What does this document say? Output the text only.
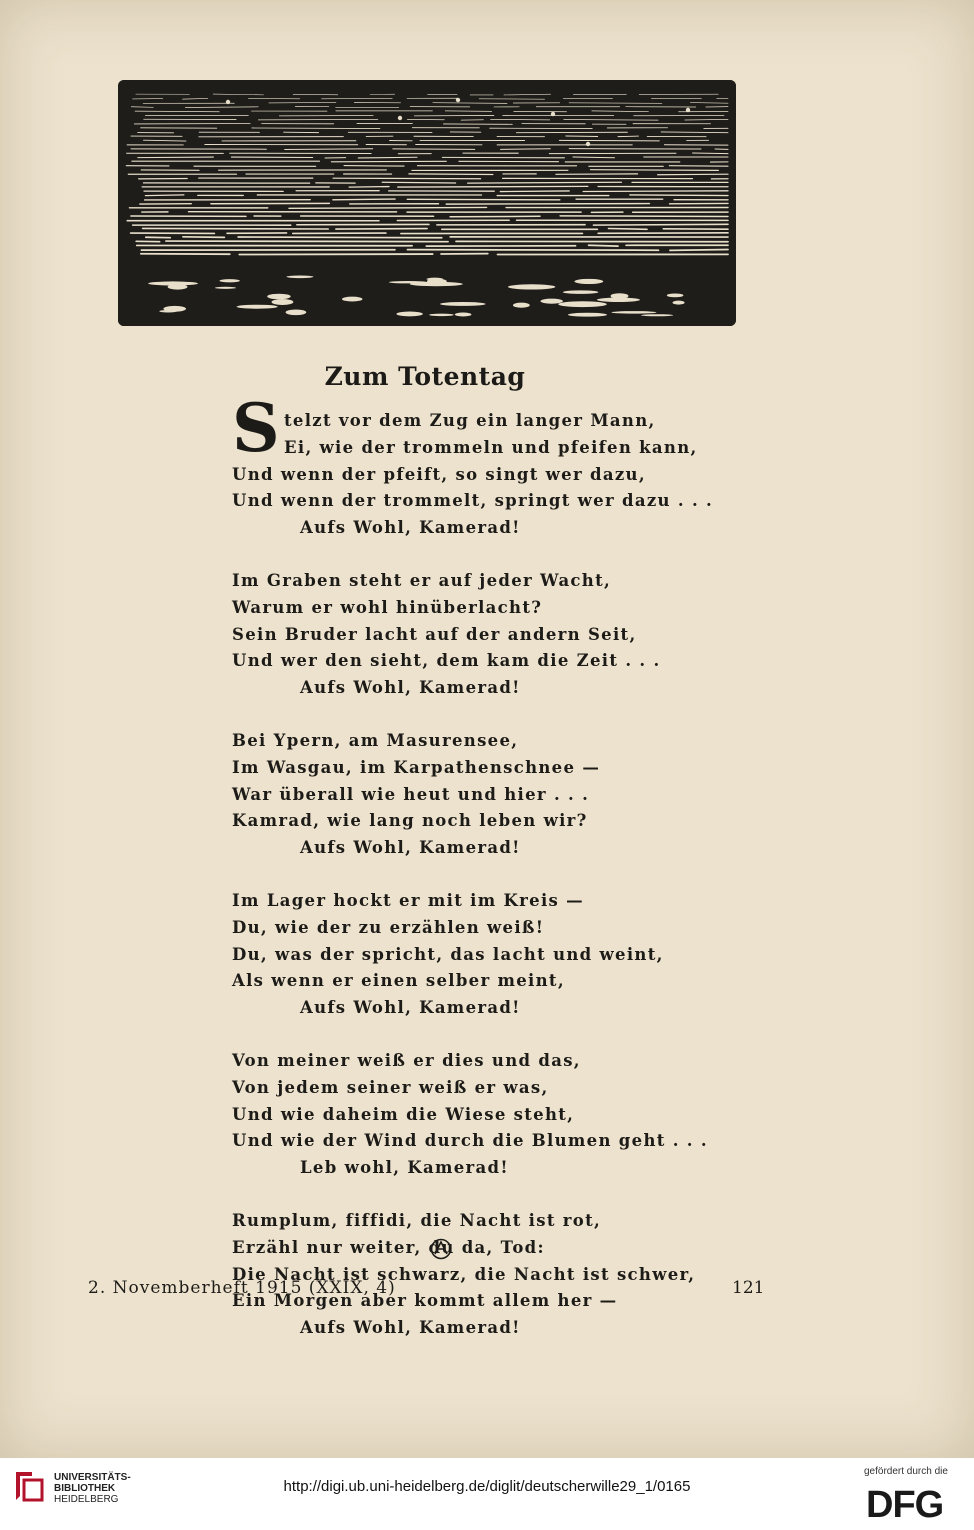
Zum Totentag
S telzt vor dem Zug ein langer Mann,
Ei, wie der trommeln und pfeifen kann,
Und wenn der pfeift, so singt wer dazu,
Und wenn der trommelt, springt wer dazu . . .
Aufs Wohl, Kamerad!
Im Graben steht er auf jeder Wacht,
Warum er wohl hinüberlacht?
Sein Bruder lacht auf der andern Seit,
Und wer den sieht, dem kam die Zeit . . .
Aufs Wohl, Kamerad!
Bei Ypern, am Masurensee,
Im Wasgau, im Karpathenschnee —
War überall wie heut und hier . . .
Kamrad, wie lang noch leben wir?
Aufs Wohl, Kamerad!
Im Lager hockt er mit im Kreis —
Du, wie der zu erzählen weiß!
Du, was der spricht, das lacht und weint,
Als wenn er einen selber meint,
Aufs Wohl, Kamerad!
Von meiner weiß er dies und das,
Von jedem seiner weiß er was,
Und wie daheim die Wiese steht,
Und wie der Wind durch die Blumen geht . . .
Leb wohl, Kamerad!
Rumplum, fiffidi, die Nacht ist rot,
Erzähl nur weiter, du da, Tod:
Die Nacht ist schwarz, die Nacht ist schwer,
Ein Morgen aber kommt allem her —
Aufs Wohl, Kamerad!
2. Novemberheft 1915 (XXIX, 4)	121
UNIVERSITÄTS-
BIBLIOTHEK
HEIDELBERG
http://digi.ub.uni-heidelberg.de/diglit/deutscherwille29_1/0165
gefördert durch die
DFG
